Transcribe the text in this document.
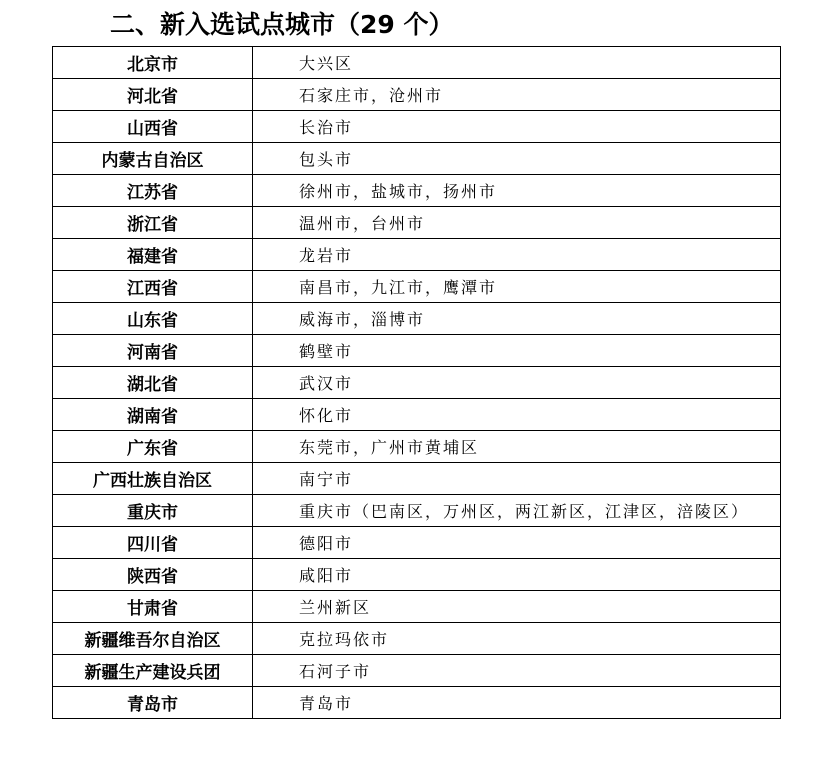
二、新入选试点城市（29 个）
北京市	大兴区
河北省	石家庄市，沧州市
山西省	长治市
内蒙古自治区	包头市
江苏省	徐州市，盐城市，扬州市
浙江省	温州市，台州市
福建省	龙岩市
江西省	南昌市，九江市，鹰潭市
山东省	威海市，淄博市
河南省	鹤壁市
湖北省	武汉市
湖南省	怀化市
广东省	东莞市，广州市黄埔区
广西壮族自治区	南宁市
重庆市	重庆市（巴南区，万州区，两江新区，江津区，涪陵区）
四川省	德阳市
陕西省	咸阳市
甘肃省	兰州新区
新疆维吾尔自治区	克拉玛依市
新疆生产建设兵团	石河子市
青岛市	青岛市
